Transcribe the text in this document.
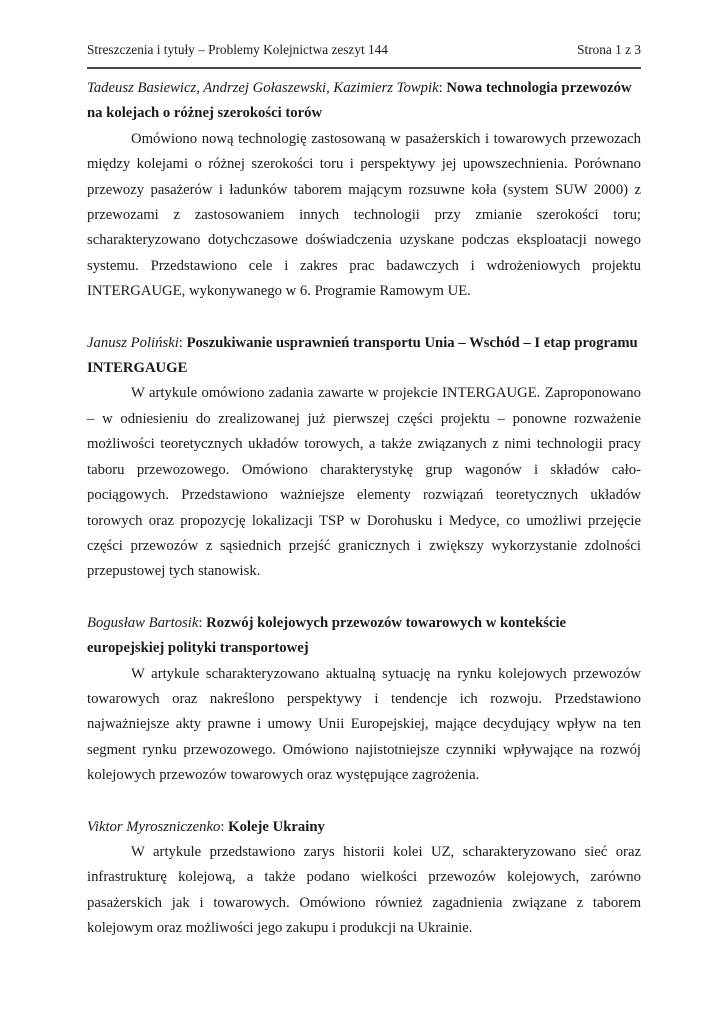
Streszczenia i tytuły – Problemy Kolejnictwa zeszyt 144	Strona 1 z 3

Tadeusz Basiewicz, Andrzej Gołaszewski, Kazimierz Towpik: Nowa technologia przewozów na kolejach o różnej szerokości torów

Omówiono nową technologię zastosowaną w pasażerskich i towarowych przewozach między kolejami o różnej szerokości toru i perspektywy jej upowszechnienia. Porównano przewozy pasażerów i ładunków taborem mającym rozsuwne koła (system SUW 2000) z przewozami z zastosowaniem innych technologii przy zmianie szerokości toru; scharakteryzowano dotychczasowe doświadczenia uzyskane podczas eksploatacji nowego systemu. Przedstawiono cele i zakres prac badawczych i wdrożeniowych projektu INTERGAUGE, wykonywanego w 6. Programie Ramowym UE.

Janusz Poliński: Poszukiwanie usprawnień transportu Unia – Wschód – I etap programu INTERGAUGE

W artykule omówiono zadania zawarte w projekcie INTERGAUGE. Zaproponowano – w odniesieniu do zrealizowanej już pierwszej części projektu – ponowne rozważenie możliwości teoretycznych układów torowych, a także związanych z nimi technologii pracy taboru przewozowego. Omówiono charakterystykę grup wagonów i składów cało-pociągowych. Przedstawiono ważniejsze elementy rozwiązań teoretycznych układów torowych oraz propozycję lokalizacji TSP w Dorohusku i Medyce, co umożliwi przejęcie części przewozów z sąsiednich przejść granicznych i zwiększy wykorzystanie zdolności przepustowej tych stanowisk.

Bogusław Bartosik: Rozwój kolejowych przewozów towarowych w kontekście europejskiej polityki transportowej

W artykule scharakteryzowano aktualną sytuację na rynku kolejowych przewozów towarowych oraz nakreślono perspektywy i tendencje ich rozwoju. Przedstawiono najważniejsze akty prawne i umowy Unii Europejskiej, mające decydujący wpływ na ten segment rynku przewozowego. Omówiono najistotniejsze czynniki wpływające na rozwój kolejowych przewozów towarowych oraz występujące zagrożenia.

Viktor Myroszniczenko: Koleje Ukrainy

W artykule przedstawiono zarys historii kolei UZ, scharakteryzowano sieć oraz infrastrukturę kolejową, a także podano wielkości przewozów kolejowych, zarówno pasażerskich jak i towarowych. Omówiono również zagadnienia związane z taborem kolejowym oraz możliwości jego zakupu i produkcji na Ukrainie.
